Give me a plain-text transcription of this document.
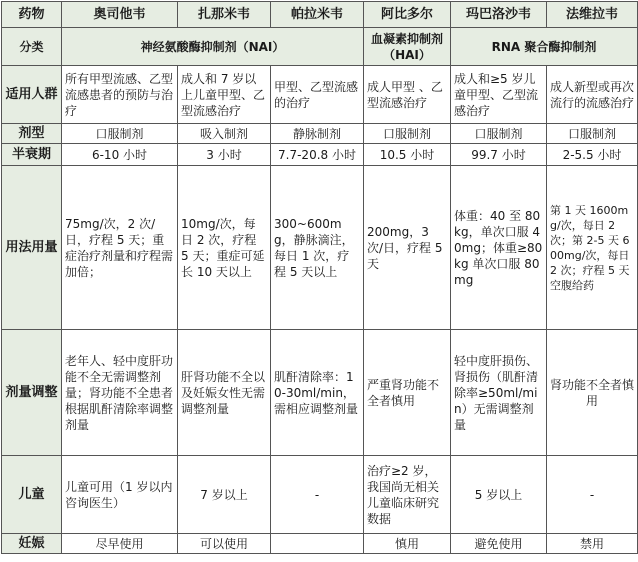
药物	奥司他韦	扎那米韦	帕拉米韦	阿比多尔	玛巴洛沙韦	法维拉韦
分类	神经氨酸酶抑制剂（NAI）			血凝素抑制剂（HAI）	RNA 聚合酶抑制剂	
适用人群	所有甲型流感、乙型流感患者的预防与治疗	成人和 7 岁以上儿童甲型、乙型流感治疗	甲型、乙型流感的治疗	成人甲型 、乙型流感治疗	成人和≥5 岁儿童甲型、乙型流感治疗	成人新型或再次流行的流感治疗
剂型	口服制剂	吸入制剂	静脉制剂	口服制剂	口服制剂	口服制剂
半衰期	6-10 小时	3 小时	7.7-20.8 小时	10.5 小时	99.7 小时	2-5.5 小时
用法用量	75mg/次，2 次/日，疗程 5 天；重症治疗剂量和疗程需加倍；	10mg/次，每日 2 次，疗程 5 天；重症可延长 10 天以上	300~600mg，静脉滴注，每日 1 次，疗程 5 天以上	200mg，3 次/日，疗程 5 天	体重：40 至 80kg，单次口服 40mg；体重≥80kg 单次口服 80mg	第 1 天 1600mg/次，每日 2 次；第 2-5 天 600mg/次，每日 2 次；疗程 5 天 空腹给药
剂量调整	老年人、轻中度肝功能不全无需调整剂量；肾功能不全患者根据肌酐清除率调整剂量	肝肾功能不全以及妊娠女性无需调整剂量	肌酐清除率：10-30ml/min，需相应调整剂量	严重肾功能不全者慎用	轻中度肝损伤、肾损伤（肌酐清除率≥50ml/min）无需调整剂量	肾功能不全者慎用
儿童	儿童可用（1 岁以内咨询医生）	7 岁以上	-	治疗≥2 岁，我国尚无相关儿童临床研究数据	5 岁以上	-
妊娠	尽早使用	可以使用		慎用	避免使用	禁用
